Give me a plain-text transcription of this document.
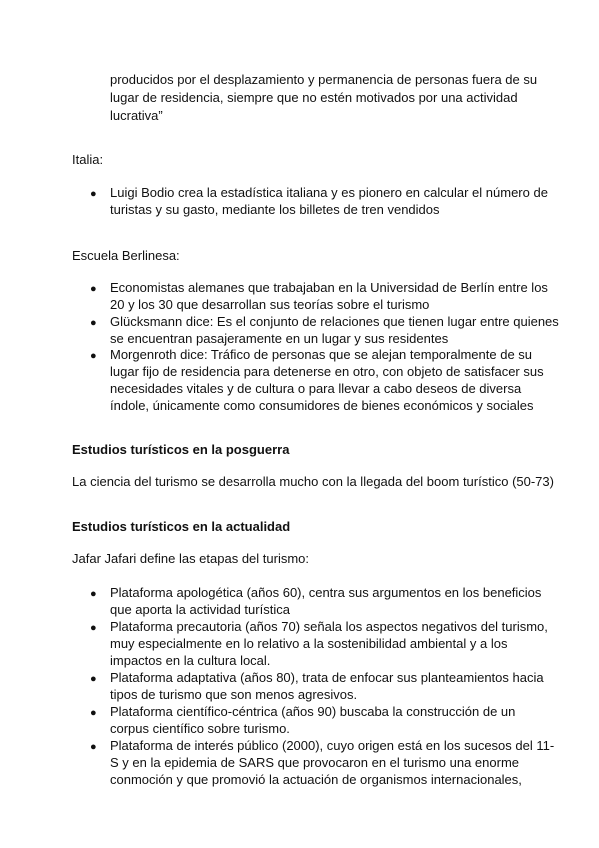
producidos por el desplazamiento y permanencia de personas fuera de su
lugar de residencia, siempre que no estén motivados por una actividad
lucrativa”
Italia:
● Luigi Bodio crea la estadística italiana y es pionero en calcular el número de
turistas y su gasto, mediante los billetes de tren vendidos
Escuela Berlinesa:
● Economistas alemanes que trabajaban en la Universidad de Berlín entre los
20 y los 30 que desarrollan sus teorías sobre el turismo
● Glücksmann dice: Es el conjunto de relaciones que tienen lugar entre quienes
se encuentran pasajeramente en un lugar y sus residentes
● Morgenroth dice: Tráfico de personas que se alejan temporalmente de su
lugar fijo de residencia para detenerse en otro, con objeto de satisfacer sus
necesidades vitales y de cultura o para llevar a cabo deseos de diversa
índole, únicamente como consumidores de bienes económicos y sociales
Estudios turísticos en la posguerra
La ciencia del turismo se desarrolla mucho con la llegada del boom turístico (50-73)
Estudios turísticos en la actualidad
Jafar Jafari define las etapas del turismo:
● Plataforma apologética (años 60), centra sus argumentos en los beneficios
que aporta la actividad turística
● Plataforma precautoria (años 70) señala los aspectos negativos del turismo,
muy especialmente en lo relativo a la sostenibilidad ambiental y a los
impactos en la cultura local.
● Plataforma adaptativa (años 80), trata de enfocar sus planteamientos hacia
tipos de turismo que son menos agresivos.
● Plataforma científico-céntrica (años 90) buscaba la construcción de un
corpus científico sobre turismo.
● Plataforma de interés público (2000), cuyo origen está en los sucesos del 11-
S y en la epidemia de SARS que provocaron en el turismo una enorme
conmoción y que promovió la actuación de organismos internacionales,
